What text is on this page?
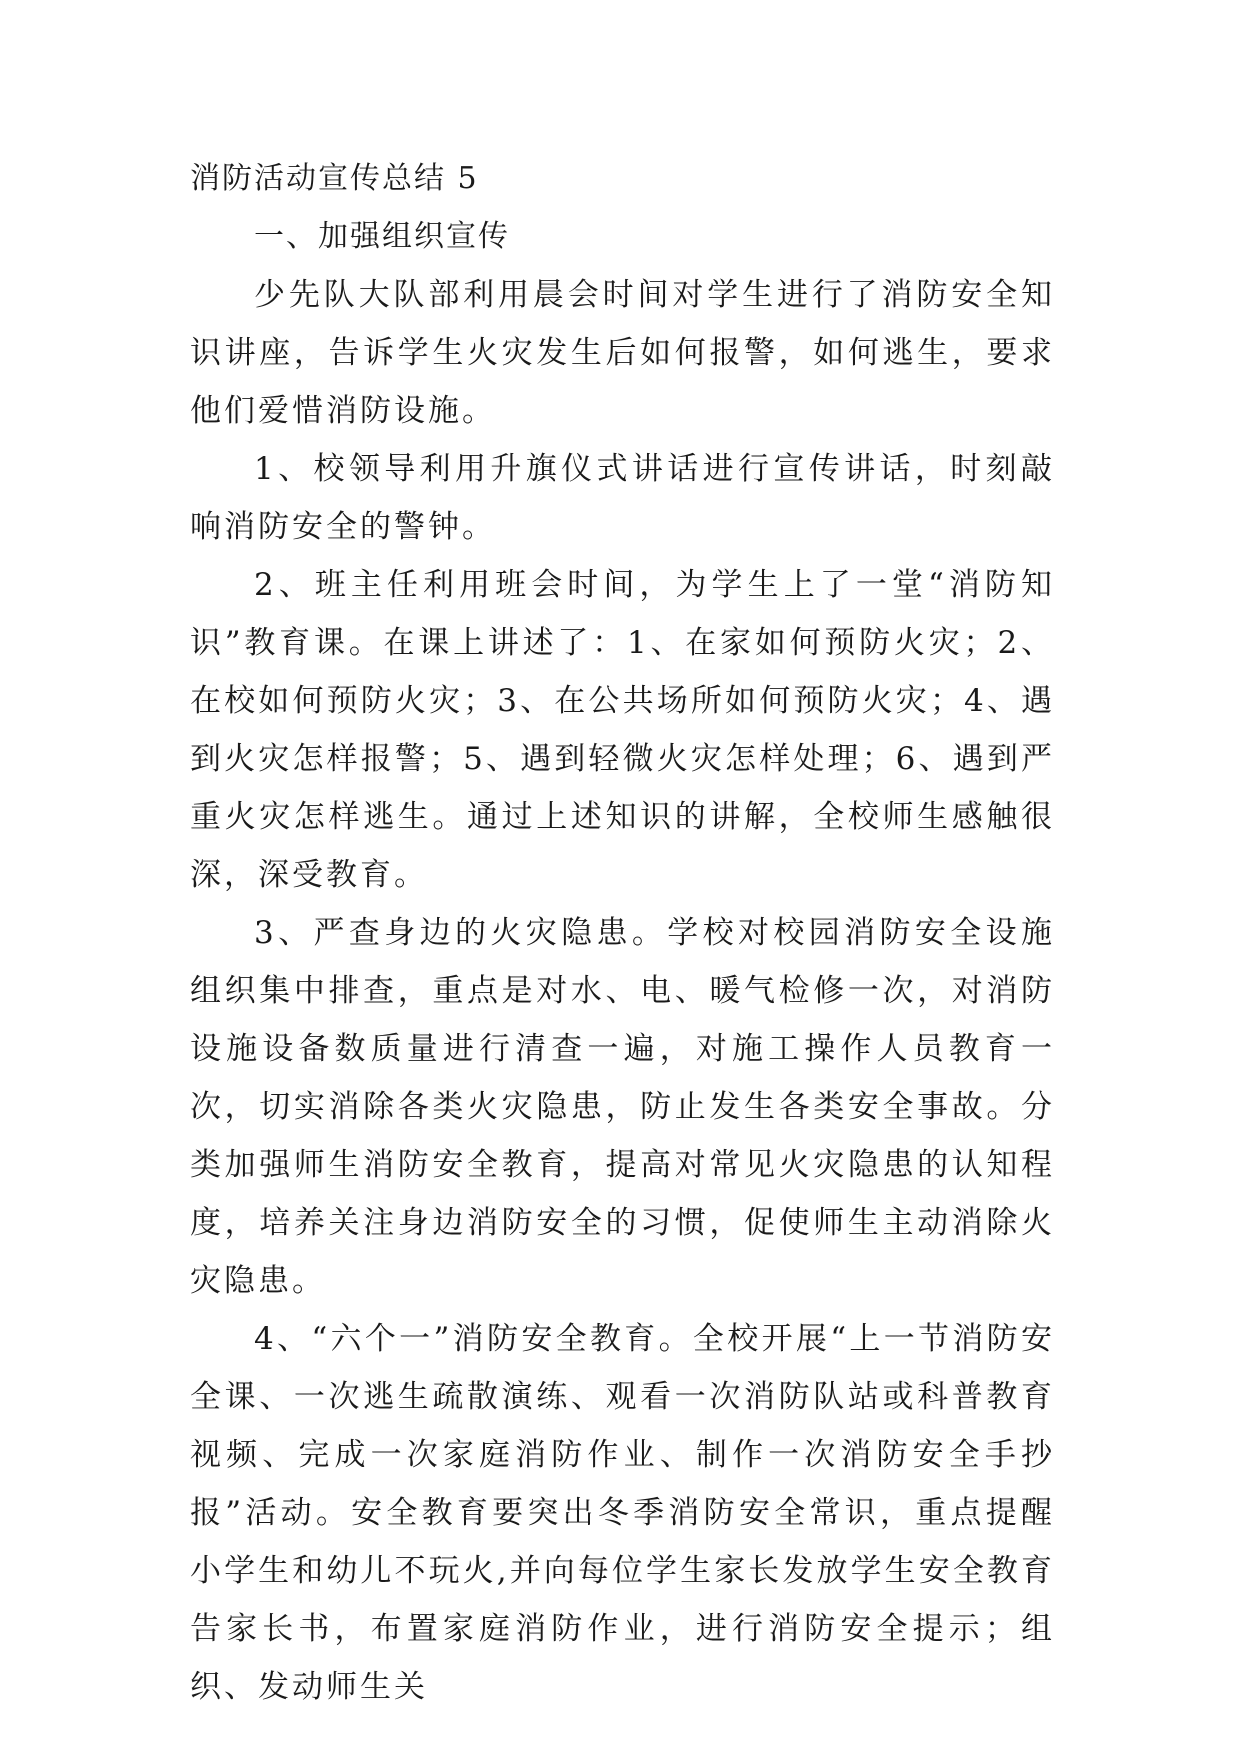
消防活动宣传总结 5

一、加强组织宣传

少先队大队部利用晨会时间对学生进行了消防安全知识讲座，告诉学生火灾发生后如何报警，如何逃生，要求他们爱惜消防设施。

1、校领导利用升旗仪式讲话进行宣传讲话，时刻敲响消防安全的警钟。

2、班主任利用班会时间，为学生上了一堂“消防知识”教育课。在课上讲述了：1、在家如何预防火灾；2、在校如何预防火灾；3、在公共场所如何预防火灾；4、遇到火灾怎样报警；5、遇到轻微火灾怎样处理；6、遇到严重火灾怎样逃生。通过上述知识的讲解，全校师生感触很深，深受教育。

3、严查身边的火灾隐患。学校对校园消防安全设施组织集中排查，重点是对水、电、暖气检修一次，对消防设施设备数质量进行清查一遍，对施工操作人员教育一次，切实消除各类火灾隐患，防止发生各类安全事故。分类加强师生消防安全教育，提高对常见火灾隐患的认知程度，培养关注身边消防安全的习惯，促使师生主动消除火灾隐患。

4、“六个一”消防安全教育。全校开展“上一节消防安全课、一次逃生疏散演练、观看一次消防队站或科普教育视频、完成一次家庭消防作业、制作一次消防安全手抄报”活动。安全教育要突出冬季消防安全常识，重点提醒小学生和幼儿不玩火,并向每位学生家长发放学生安全教育告家长书，布置家庭消防作业，进行消防安全提示；组织、发动师生关
